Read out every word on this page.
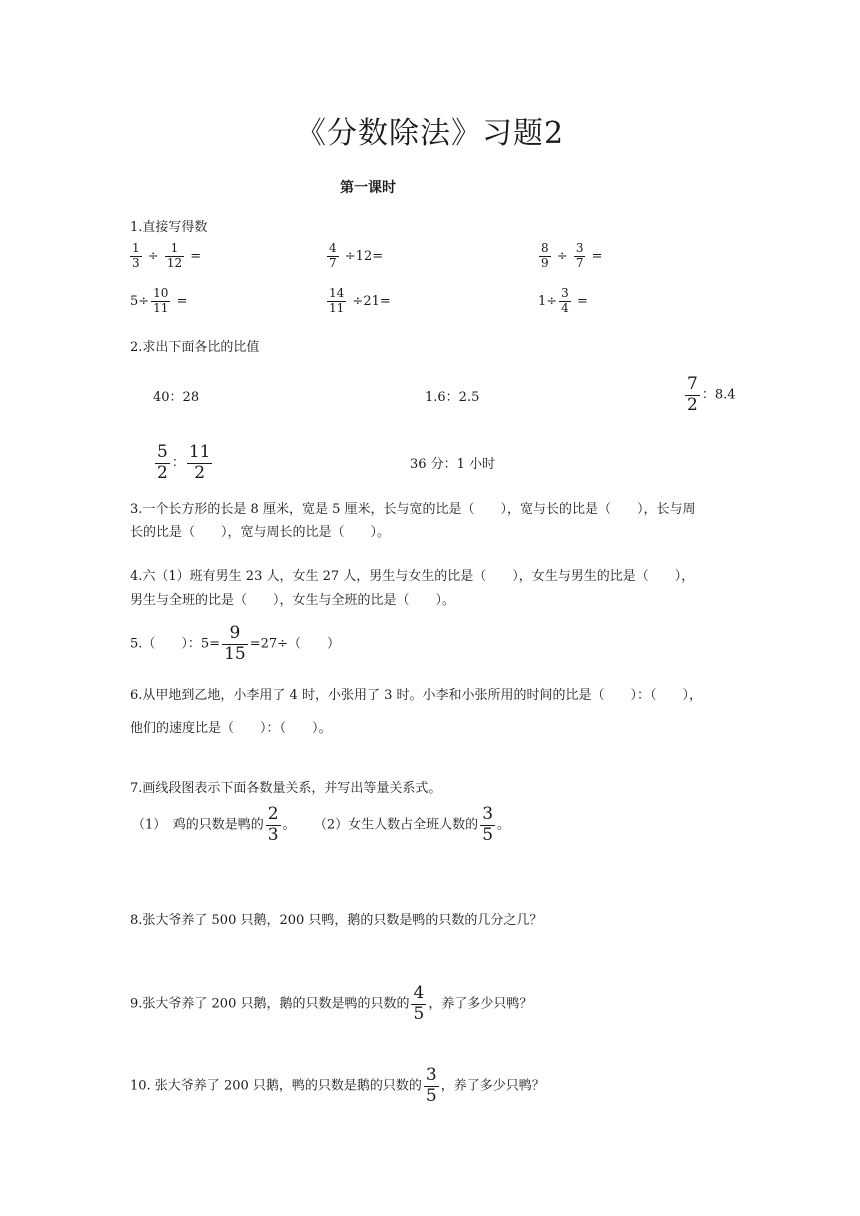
《分数除法》习题2
第一课时
1.直接写得数
$\frac{1}{3} \div \frac{1}{12}$ =	$\frac{4}{7} \div 12=$	$\frac{8}{9} \div \frac{3}{7}$ =
$5\div \frac{10}{11}$ =	$\frac{14}{11} \div 21=$	$1\div \frac{3}{4}$ =
2.求出下面各比的比值
40：28	1.6：2.5	$\frac{7}{2}$ ：8.4
$\frac{5}{2}$ ： $\frac{11}{2}$	36 分：1 小时
3.一个长方形的长是 8 厘米，宽是 5 厘米，长与宽的比是（　　），宽与长的比是（　　），长与周
长的比是（　　），宽与周长的比是（　　）。
4.六（1）班有男生 23 人，女生 27 人，男生与女生的比是（　　），女生与男生的比是（　　），
男生与全班的比是（　　），女生与全班的比是（　　）。
5.（　　）：$5= \frac{9}{15} =27\div$（　　）
6.从甲地到乙地，小李用了 4 时，小张用了 3 时。小李和小张所用的时间的比是（　　）：（　　），
他们的速度比是（　　）：（　　）。
7.画线段图表示下面各数量关系，并写出等量关系式。
（1）　鸡的只数是鸭的 $\frac{2}{3}$ 。 （2）女生人数占全班人数的 $\frac{3}{5}$ 。
8.张大爷养了 500 只鹅，200 只鸭，鹅的只数是鸭的只数的几分之几？
9.张大爷养了 200 只鹅，鹅的只数是鸭的只数的 $\frac{4}{5}$ ，养了多少只鸭？
10. 张大爷养了 200 只鹅，鸭的只数是鹅的只数的 $\frac{3}{5}$ ，养了多少只鸭？
